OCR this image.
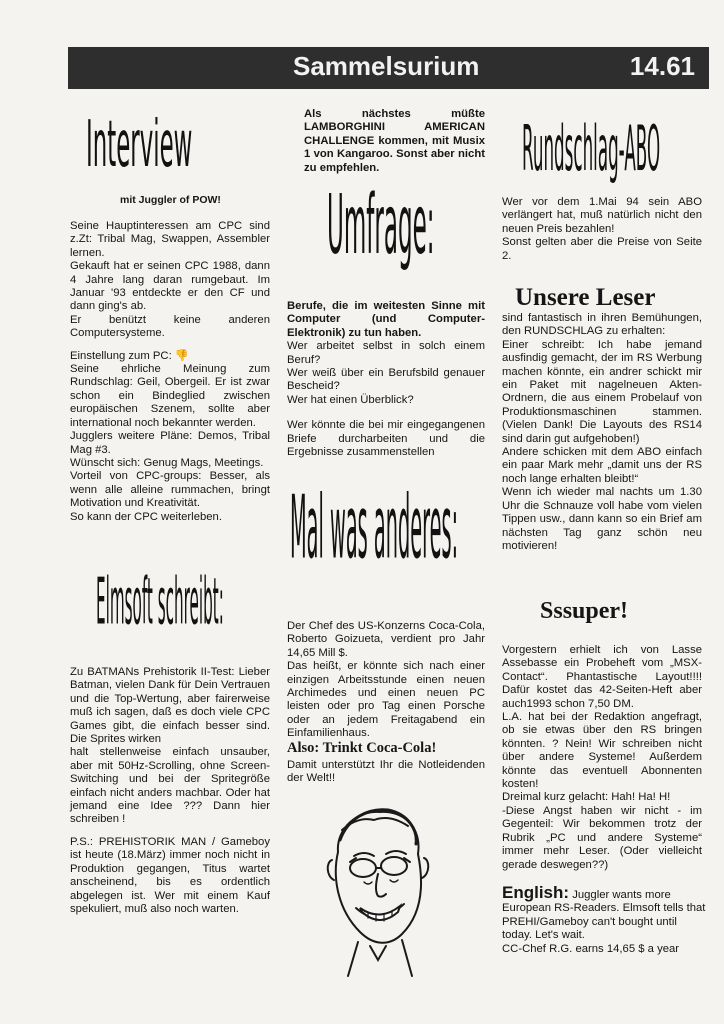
Sammelsurium	14.61
Interview
mit Juggler of POW!

Seine Hauptinteressen am CPC sind z.Zt: Tribal Mag, Swappen, Assembler lernen.

Gekauft hat er seinen CPC 1988, dann 4 Jahre lang daran rumgebaut. Im Januar '93 entdeckte er den CF und dann ging's ab.

Er benützt keine anderen Computersysteme.

Einstellung zum PC: 👎

Seine ehrliche Meinung zum Rundschlag: Geil, Obergeil. Er ist zwar schon ein Bindeglied zwischen europäischen Szenem, sollte aber international noch bekannter werden.

Jugglers weitere Pläne: Demos, Tribal Mag #3.

Wünscht sich: Genug Mags, Meetings.

Vorteil von CPC-groups: Besser, als wenn alle alleine rummachen, bringt Motivation und Kreativität.

So kann der CPC weiterleben.

Elmsoft schreibt:

Zu BATMANs Prehistorik II-Test: Lieber Batman, vielen Dank für Dein Vertrauen und die Top-Wertung, aber fairerweise muß ich sagen, daß es doch viele CPC Games gibt, die einfach besser sind. Die Sprites wirken

halt stellenweise einfach unsauber, aber mit 50Hz-Scrolling, ohne Screen-Switching und bei der Spritegröße einfach nicht anders machbar. Oder hat jemand eine Idee ??? Dann hier schreiben !

P.S.: PREHISTORIK MAN / Gameboy ist heute (18.März) immer noch nicht in Produktion gegangen, Titus wartet anscheinend, bis es ordentlich abgelegen ist. Wer mit einem Kauf spekuliert, muß also noch warten.

Als nächstes müßte LAMBORGHINI AMERICAN CHALLENGE kommen, mit Musix 1 von Kangaroo. Sonst aber nicht zu empfehlen.
Umfrage:

Berufe, die im weitesten Sinne mit Computer (und Computer-Elektronik) zu tun haben.

Wer arbeitet selbst in solch einem Beruf?

Wer weiß über ein Berufsbild genauer Bescheid?

Wer hat einen Überblick?

Wer könnte die bei mir eingegangenen Briefe durcharbeiten und die Ergebnisse zusammenstellen

Mal was anderes:

Der Chef des US-Konzerns Coca-Cola, Roberto Goizueta, verdient pro Jahr 14,65 Mill $.

Das heißt, er könnte sich nach einer einzigen Arbeitsstunde einen neuen Archimedes und einen neuen PC leisten oder pro Tag einen Porsche oder an jedem Freitagabend ein Einfamilienhaus.

Also: Trinkt Coca-Cola!
Damit unterstützt Ihr die Notleidenden der Welt!!
Rundschlag-ABO

Wer vor dem 1.Mai 94 sein ABO verlängert hat, muß natürlich nicht den neuen Preis bezahlen!

Sonst gelten aber die Preise von Seite 2.

Unsere Leser

sind fantastisch in ihren Bemühungen, den RUNDSCHLAG zu erhalten:

Einer schreibt: Ich habe jemand ausfindig gemacht, der im RS Werbung machen könnte, ein andrer schickt mir ein Paket mit nagelneuen Akten-Ordnern, die aus einem Probelauf von Produktionsmaschinen stammen. (Vielen Dank! Die Layouts des RS14 sind darin gut aufgehoben!)

Andere schicken mit dem ABO einfach ein paar Mark mehr „damit uns der RS noch lange erhalten bleibt!“

Wenn ich wieder mal nachts um 1.30 Uhr die Schnauze voll habe vom vielen Tippen usw., dann kann so ein Brief am nächsten Tag ganz schön neu motivieren!

Sssuper!

Vorgestern erhielt ich von Lasse Assebasse ein Probeheft vom „MSX-Contact“. Phantastische Layout!!!! Dafür kostet das 42-Seiten-Heft aber auch1993 schon 7,50 DM.

L.A. hat bei der Redaktion angefragt, ob sie etwas über den RS bringen könnten. ? Nein! Wir schreiben nicht über andere Systeme! Außerdem könnte das eventuell Abonnenten kosten!

Dreimal kurz gelacht: Hah! Ha! H!

-Diese Angst haben wir nicht - im Gegenteil: Wir bekommen trotz der Rubrik „PC und andere Systeme“ immer mehr Leser. (Oder vielleicht gerade deswegen??)

English: Juggler wants more European RS-Readers. Elmsoft tells that PREHI/Gameboy can't bought until today. Let's wait.

CC-Chef R.G. earns 14,65 $ a year
